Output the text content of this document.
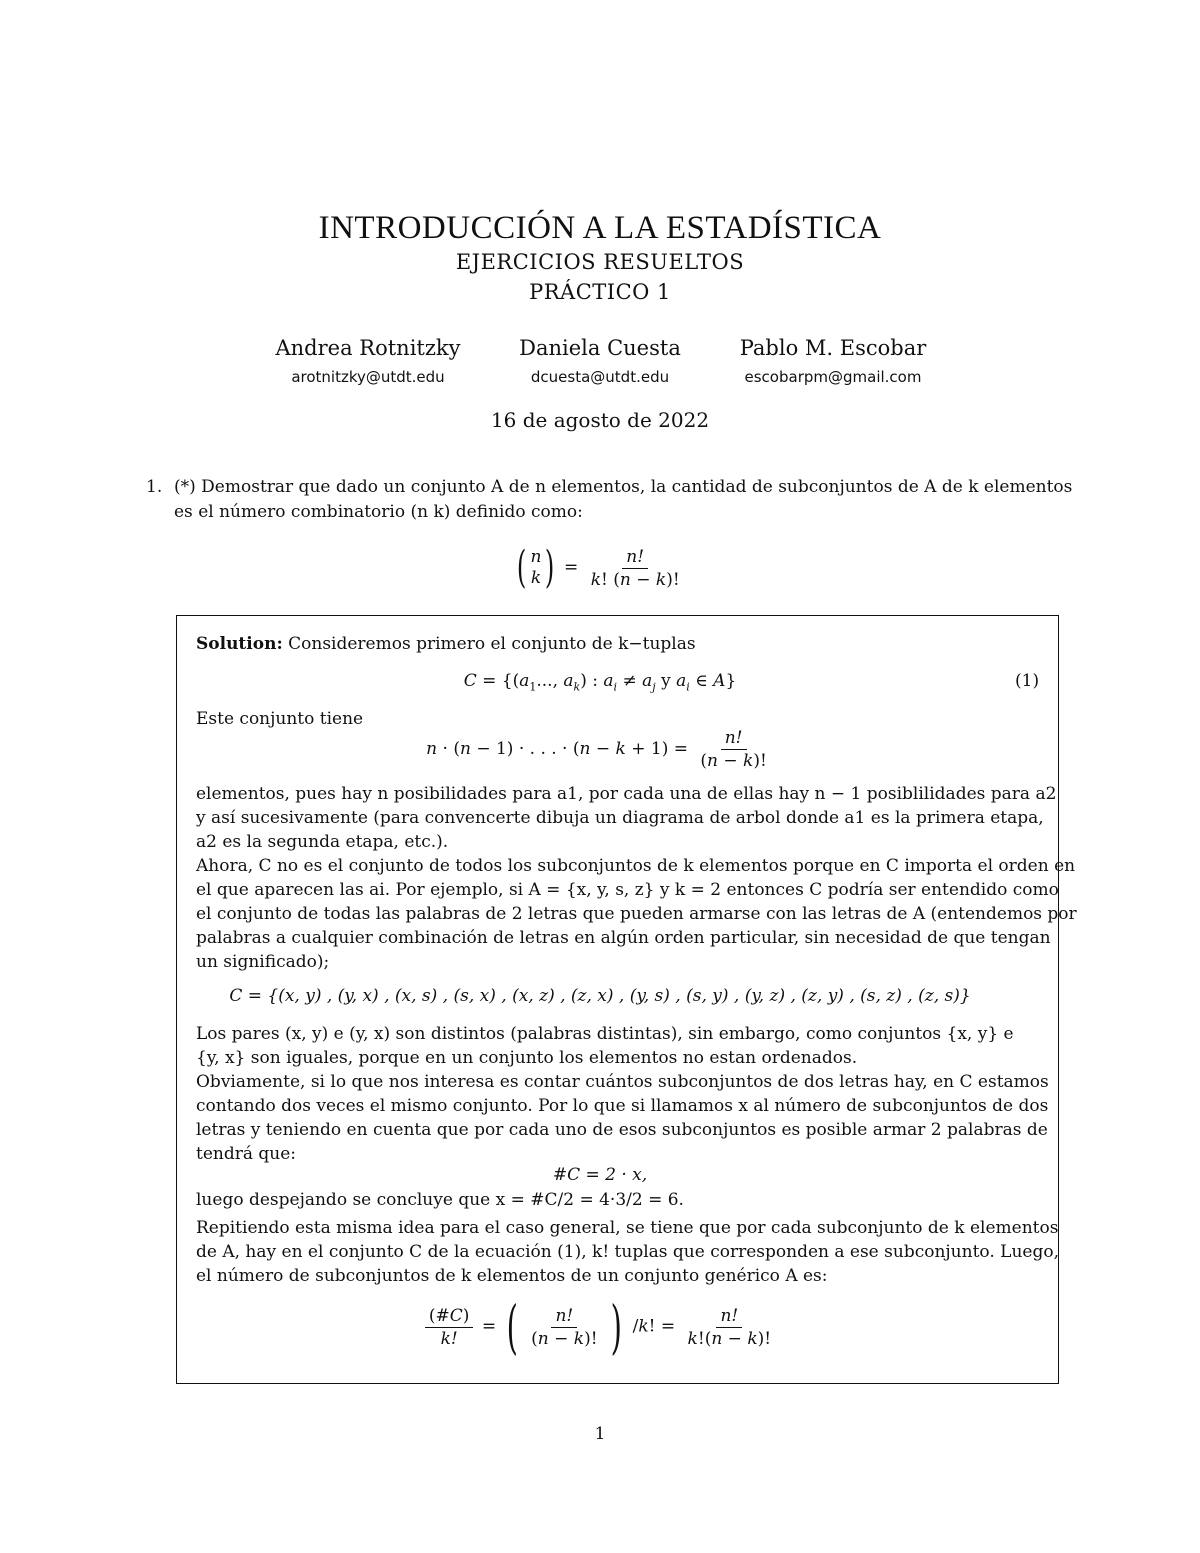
INTRODUCCIÓN A LA ESTADÍSTICA
EJERCICIOS RESUELTOS
PRÁCTICO 1
Andrea Rotnitzky
arotnitzky@utdt.edu
Daniela Cuesta
dcuesta@utdt.edu
Pablo M. Escobar
escobarpm@gmail.com
16 de agosto de 2022
1. (*) Demostrar que dado un conjunto A de n elementos, la cantidad de subconjuntos de A de k elementos
es el número combinatorio (n k) definido como:
( n
k ) = $\frac{n!}{k! (n - k)!}$
Solution: Consideremos primero el conjunto de k−tuplas
$C = \{(a_1$..., $a_k$) : $a_i \ne a_j$ y $a_i$ ∈ A}	(1)
Este conjunto tiene
n · (n − 1) · . . . · $(n - k + 1) = \frac{n!}{(n - k)!}$
elementos, pues hay n posibilidades para a1, por cada una de ellas hay n − 1 posiblilidades para a2
y así sucesivamente (para convencerte dibuja un diagrama de arbol donde a1 es la primera etapa,
a2 es la segunda etapa, etc.).
Ahora, C no es el conjunto de todos los subconjuntos de k elementos porque en C importa el orden en
el que aparecen las ai. Por ejemplo, si A = {x, y, s, z} y k = 2 entonces C podría ser entendido como
el conjunto de todas las palabras de 2 letras que pueden armarse con las letras de A (entendemos por
palabras a cualquier combinación de letras en algún orden particular, sin necesidad de que tengan
un significado);
C = {(x, y) , (y, x) , (x, s) , (s, x) , (x, z) , (z, x) , (y, s) , (s, y) , (y, z) , (z, y) , (s, z) , (z, s)}
Los pares (x, y) e (y, x) son distintos (palabras distintas), sin embargo, como conjuntos {x, y} e
{y, x} son iguales, porque en un conjunto los elementos no estan ordenados.
Obviamente, si lo que nos interesa es contar cuántos subconjuntos de dos letras hay, en C estamos
contando dos veces el mismo conjunto. Por lo que si llamamos x al número de subconjuntos de dos
letras y teniendo en cuenta que por cada uno de esos subconjuntos es posible armar 2 palabras de
tendrá que:
#C = 2 · x,
luego despejando se concluye que x = #C/2 = 4·3/2 = 6.
Repitiendo esta misma idea para el caso general, se tiene que por cada subconjunto de k elementos
de A, hay en el conjunto C de la ecuación (1), k! tuplas que corresponden a ese subconjunto. Luego,
el número de subconjuntos de k elementos de un conjunto genérico A es:
$\frac{(\#C)}{k!}$ = ( $\frac{n!}{(n - k)!}$ ) /k! = $\frac{n!}{k!(n - k)!}$
1
